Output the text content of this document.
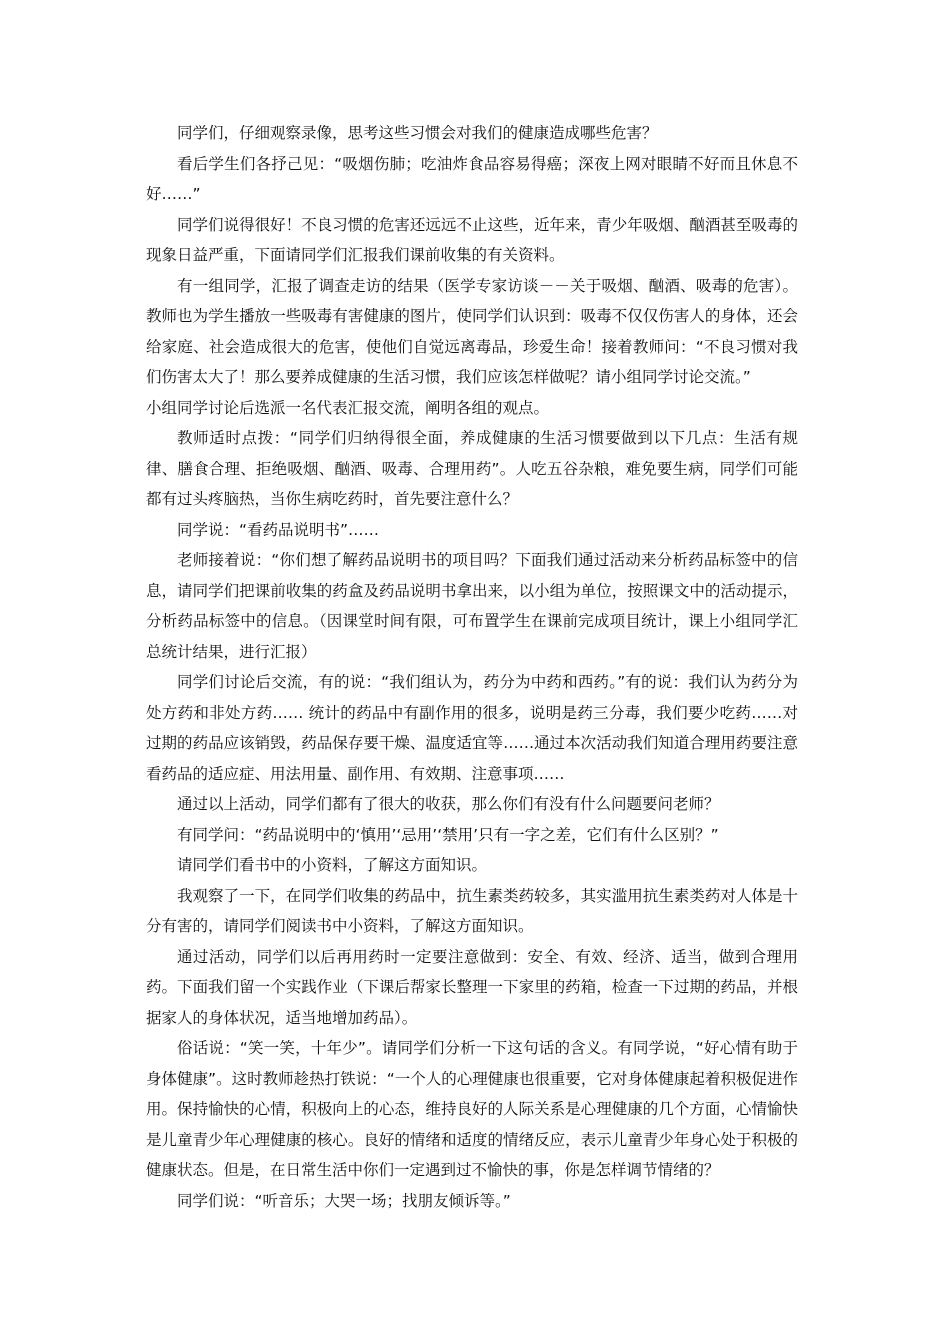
同学们，仔细观察录像，思考这些习惯会对我们的健康造成哪些危害？

看后学生们各抒己见：“吸烟伤肺；吃油炸食品容易得癌；深夜上网对眼睛不好而且休息不好……”

同学们说得很好！不良习惯的危害还远远不止这些，近年来，青少年吸烟、酗酒甚至吸毒的现象日益严重，下面请同学们汇报我们课前收集的有关资料。

有一组同学，汇报了调查走访的结果（医学专家访谈－－关于吸烟、酗酒、吸毒的危害）。教师也为学生播放一些吸毒有害健康的图片，使同学们认识到：吸毒不仅仅伤害人的身体，还会给家庭、社会造成很大的危害，使他们自觉远离毒品，珍爱生命！接着教师问：“不良习惯对我们伤害太大了！那么要养成健康的生活习惯，我们应该怎样做呢？请小组同学讨论交流。”

小组同学讨论后选派一名代表汇报交流，阐明各组的观点。

教师适时点拨：“同学们归纳得很全面，养成健康的生活习惯要做到以下几点：生活有规律、膳食合理、拒绝吸烟、酗酒、吸毒、合理用药”。人吃五谷杂粮，难免要生病，同学们可能都有过头疼脑热，当你生病吃药时，首先要注意什么？

同学说：“看药品说明书”……

老师接着说：“你们想了解药品说明书的项目吗？下面我们通过活动来分析药品标签中的信息，请同学们把课前收集的药盒及药品说明书拿出来，以小组为单位，按照课文中的活动提示，分析药品标签中的信息。（因课堂时间有限，可布置学生在课前完成项目统计，课上小组同学汇总统计结果，进行汇报）

同学们讨论后交流，有的说：“我们组认为，药分为中药和西药。”有的说：我们认为药分为处方药和非处方药…… 统计的药品中有副作用的很多，说明是药三分毒，我们要少吃药……对过期的药品应该销毁，药品保存要干燥、温度适宜等……通过本次活动我们知道合理用药要注意看药品的适应症、用法用量、副作用、有效期、注意事项……

通过以上活动，同学们都有了很大的收获，那么你们有没有什么问题要问老师？

有同学问：“药品说明中的‘慎用’‘忌用’‘禁用’只有一字之差，它们有什么区别？”

请同学们看书中的小资料，了解这方面知识。

我观察了一下，在同学们收集的药品中，抗生素类药较多，其实滥用抗生素类药对人体是十分有害的，请同学们阅读书中小资料，了解这方面知识。

通过活动，同学们以后再用药时一定要注意做到：安全、有效、经济、适当，做到合理用药。下面我们留一个实践作业（下课后帮家长整理一下家里的药箱，检查一下过期的药品，并根据家人的身体状况，适当地增加药品）。

俗话说：“笑一笑，十年少”。请同学们分析一下这句话的含义。有同学说，“好心情有助于身体健康”。这时教师趁热打铁说：“一个人的心理健康也很重要，它对身体健康起着积极促进作用。保持愉快的心情，积极向上的心态，维持良好的人际关系是心理健康的几个方面，心情愉快是儿童青少年心理健康的核心。良好的情绪和适度的情绪反应，表示儿童青少年身心处于积极的健康状态。但是，在日常生活中你们一定遇到过不愉快的事，你是怎样调节情绪的？

同学们说：“听音乐；大哭一场；找朋友倾诉等。”
